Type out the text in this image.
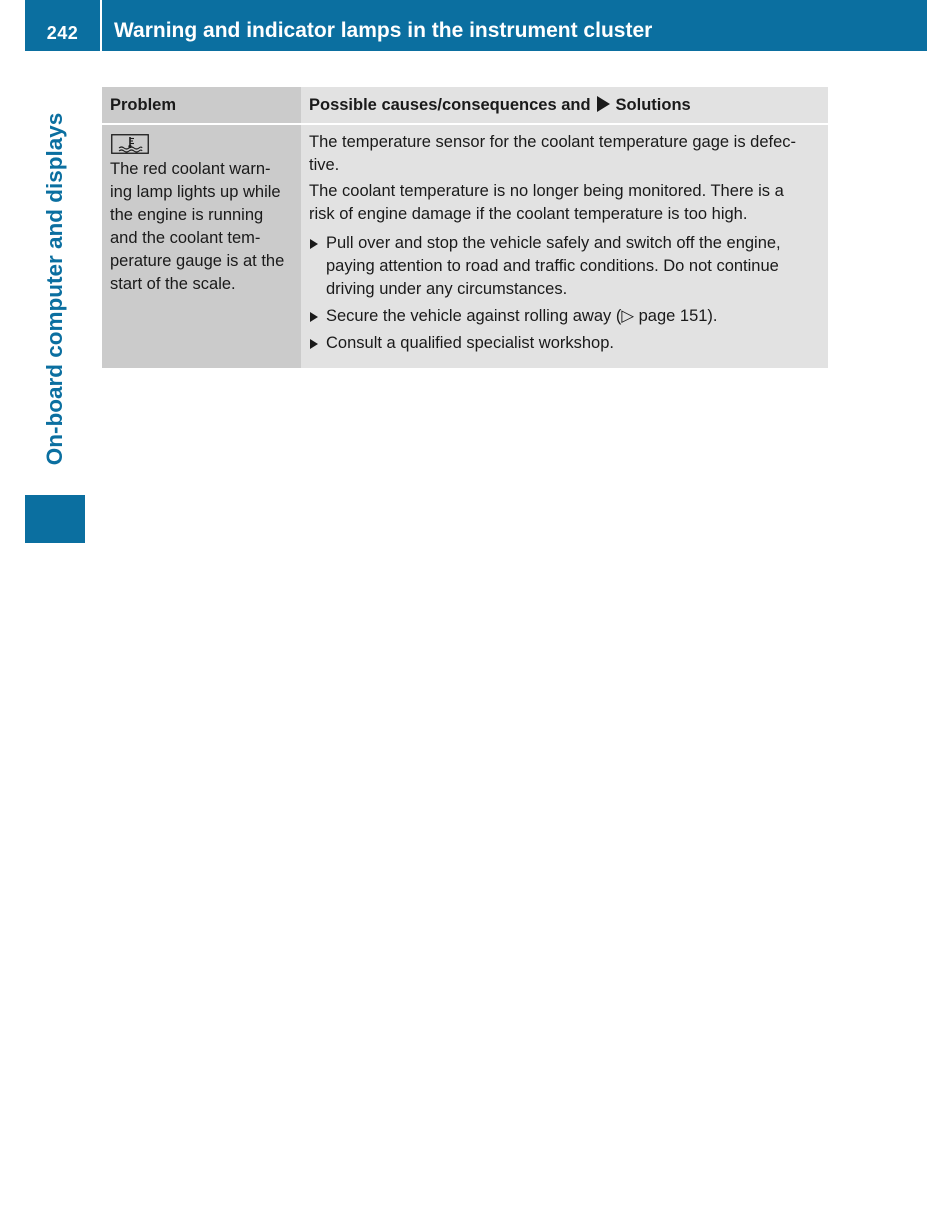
242	Warning and indicator lamps in the instrument cluster
On-board computer and displays
Problem	Possible causes/consequences and Solutions
The red coolant warn-
ing lamp lights up while
the engine is running
and the coolant tem-
perature gauge is at the
start of the scale.
The temperature sensor for the coolant temperature gage is defec-
tive.
The coolant temperature is no longer being monitored. There is a
risk of engine damage if the coolant temperature is too high.
Pull over and stop the vehicle safely and switch off the engine,
paying attention to road and traffic conditions. Do not continue
driving under any circumstances.
Secure the vehicle against rolling away (▷ page 151).
Consult a qualified specialist workshop.
